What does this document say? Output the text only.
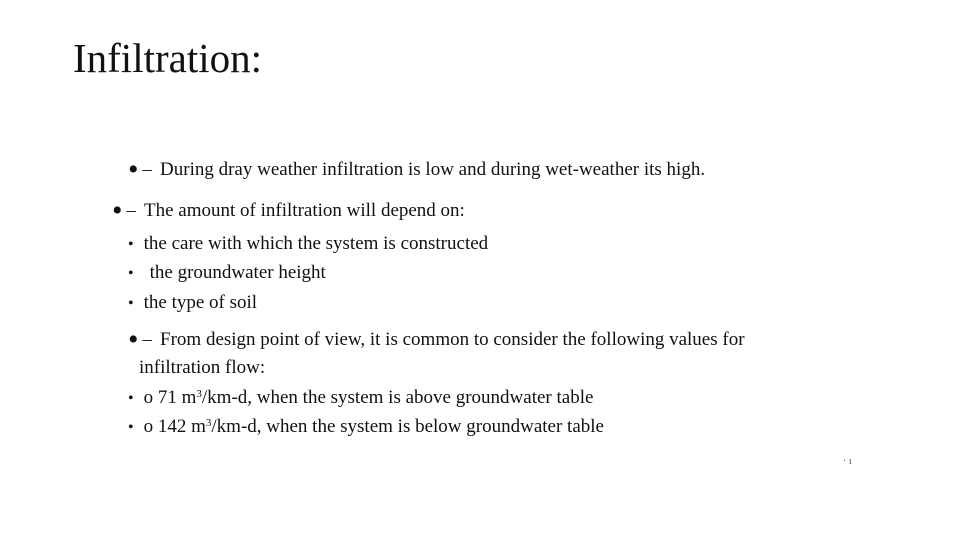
Infiltration:
• – During dray weather infiltration is low and during wet-weather its high.
• – The amount of infiltration will depend on:
• the care with which the system is constructed
• the groundwater height
• the type of soil
• – From design point of view, it is common to consider the following values for
infiltration flow:
• o 71 $m^3/km-d$, when the system is above groundwater table
• o 142 $m^3/km-d$, when the system is below groundwater table
· ı
